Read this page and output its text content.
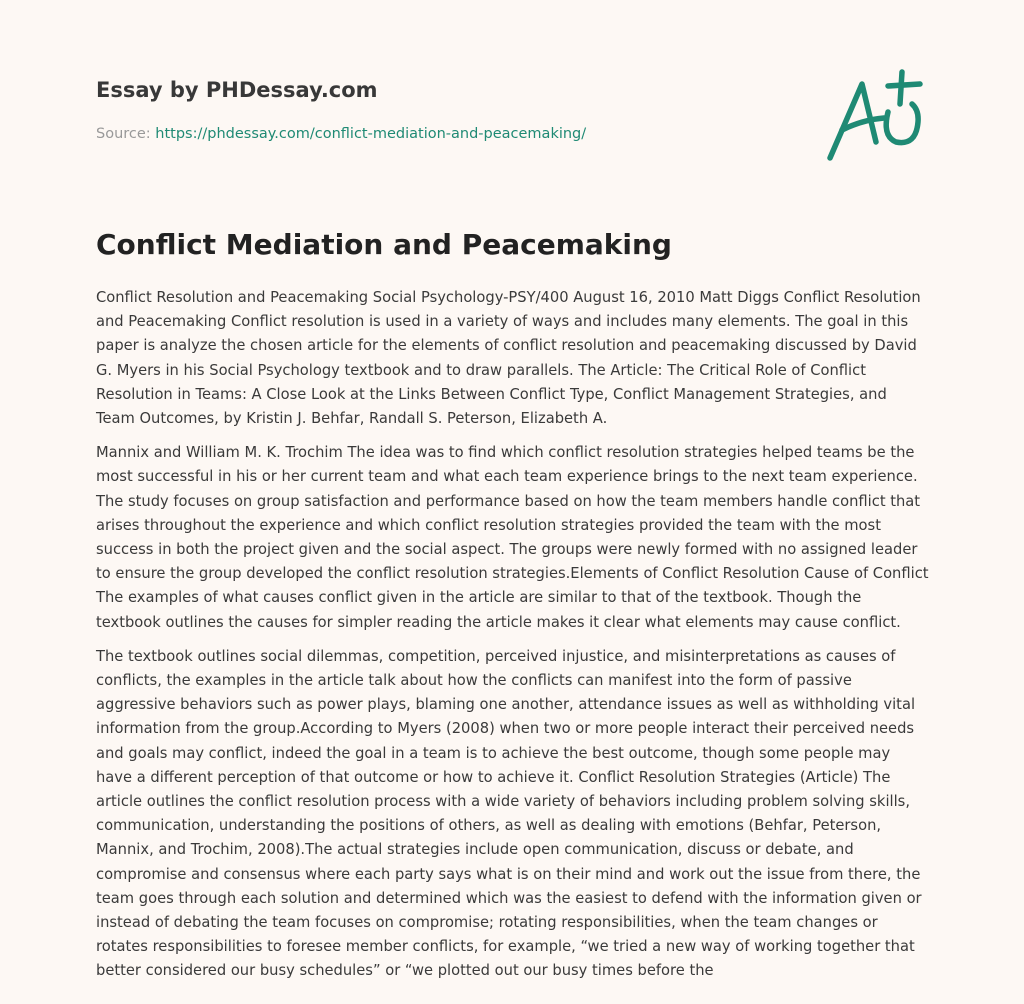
Essay by PHDessay.com
Source: https://phdessay.com/conflict-mediation-and-peacemaking/
Conflict Mediation and Peacemaking

Conflict Resolution and Peacemaking Social Psychology-PSY/400 August 16, 2010 Matt Diggs Conflict Resolution and Peacemaking Conflict resolution is used in a variety of ways and includes many elements. The goal in this paper is analyze the chosen article for the elements of conflict resolution and peacemaking discussed by David G. Myers in his Social Psychology textbook and to draw parallels. The Article: The Critical Role of Conflict Resolution in Teams: A Close Look at the Links Between Conflict Type, Conflict Management Strategies, and Team Outcomes, by Kristin J. Behfar, Randall S. Peterson, Elizabeth A.

Mannix and William M. K. Trochim The idea was to find which conflict resolution strategies helped teams be the most successful in his or her current team and what each team experience brings to the next team experience. The study focuses on group satisfaction and performance based on how the team members handle conflict that arises throughout the experience and which conflict resolution strategies provided the team with the most success in both the project given and the social aspect. The groups were newly formed with no assigned leader to ensure the group developed the conflict resolution strategies.Elements of Conflict Resolution Cause of Conflict The examples of what causes conflict given in the article are similar to that of the textbook. Though the textbook outlines the causes for simpler reading the article makes it clear what elements may cause conflict.

The textbook outlines social dilemmas, competition, perceived injustice, and misinterpretations as causes of conflicts, the examples in the article talk about how the conflicts can manifest into the form of passive aggressive behaviors such as power plays, blaming one another, attendance issues as well as withholding vital information from the group.According to Myers (2008) when two or more people interact their perceived needs and goals may conflict, indeed the goal in a team is to achieve the best outcome, though some people may have a different perception of that outcome or how to achieve it. Conflict Resolution Strategies (Article) The article outlines the conflict resolution process with a wide variety of behaviors including problem solving skills, communication, understanding the positions of others, as well as dealing with emotions (Behfar, Peterson, Mannix, and Trochim, 2008).The actual strategies include open communication, discuss or debate, and compromise and consensus where each party says what is on their mind and work out the issue from there, the team goes through each solution and determined which was the easiest to defend with the information given or instead of debating the team focuses on compromise; rotating responsibilities, when the team changes or rotates responsibilities to foresee member conflicts, for example, “we tried a new way of working together that better considered our busy schedules” or “we plotted out our busy times before the
